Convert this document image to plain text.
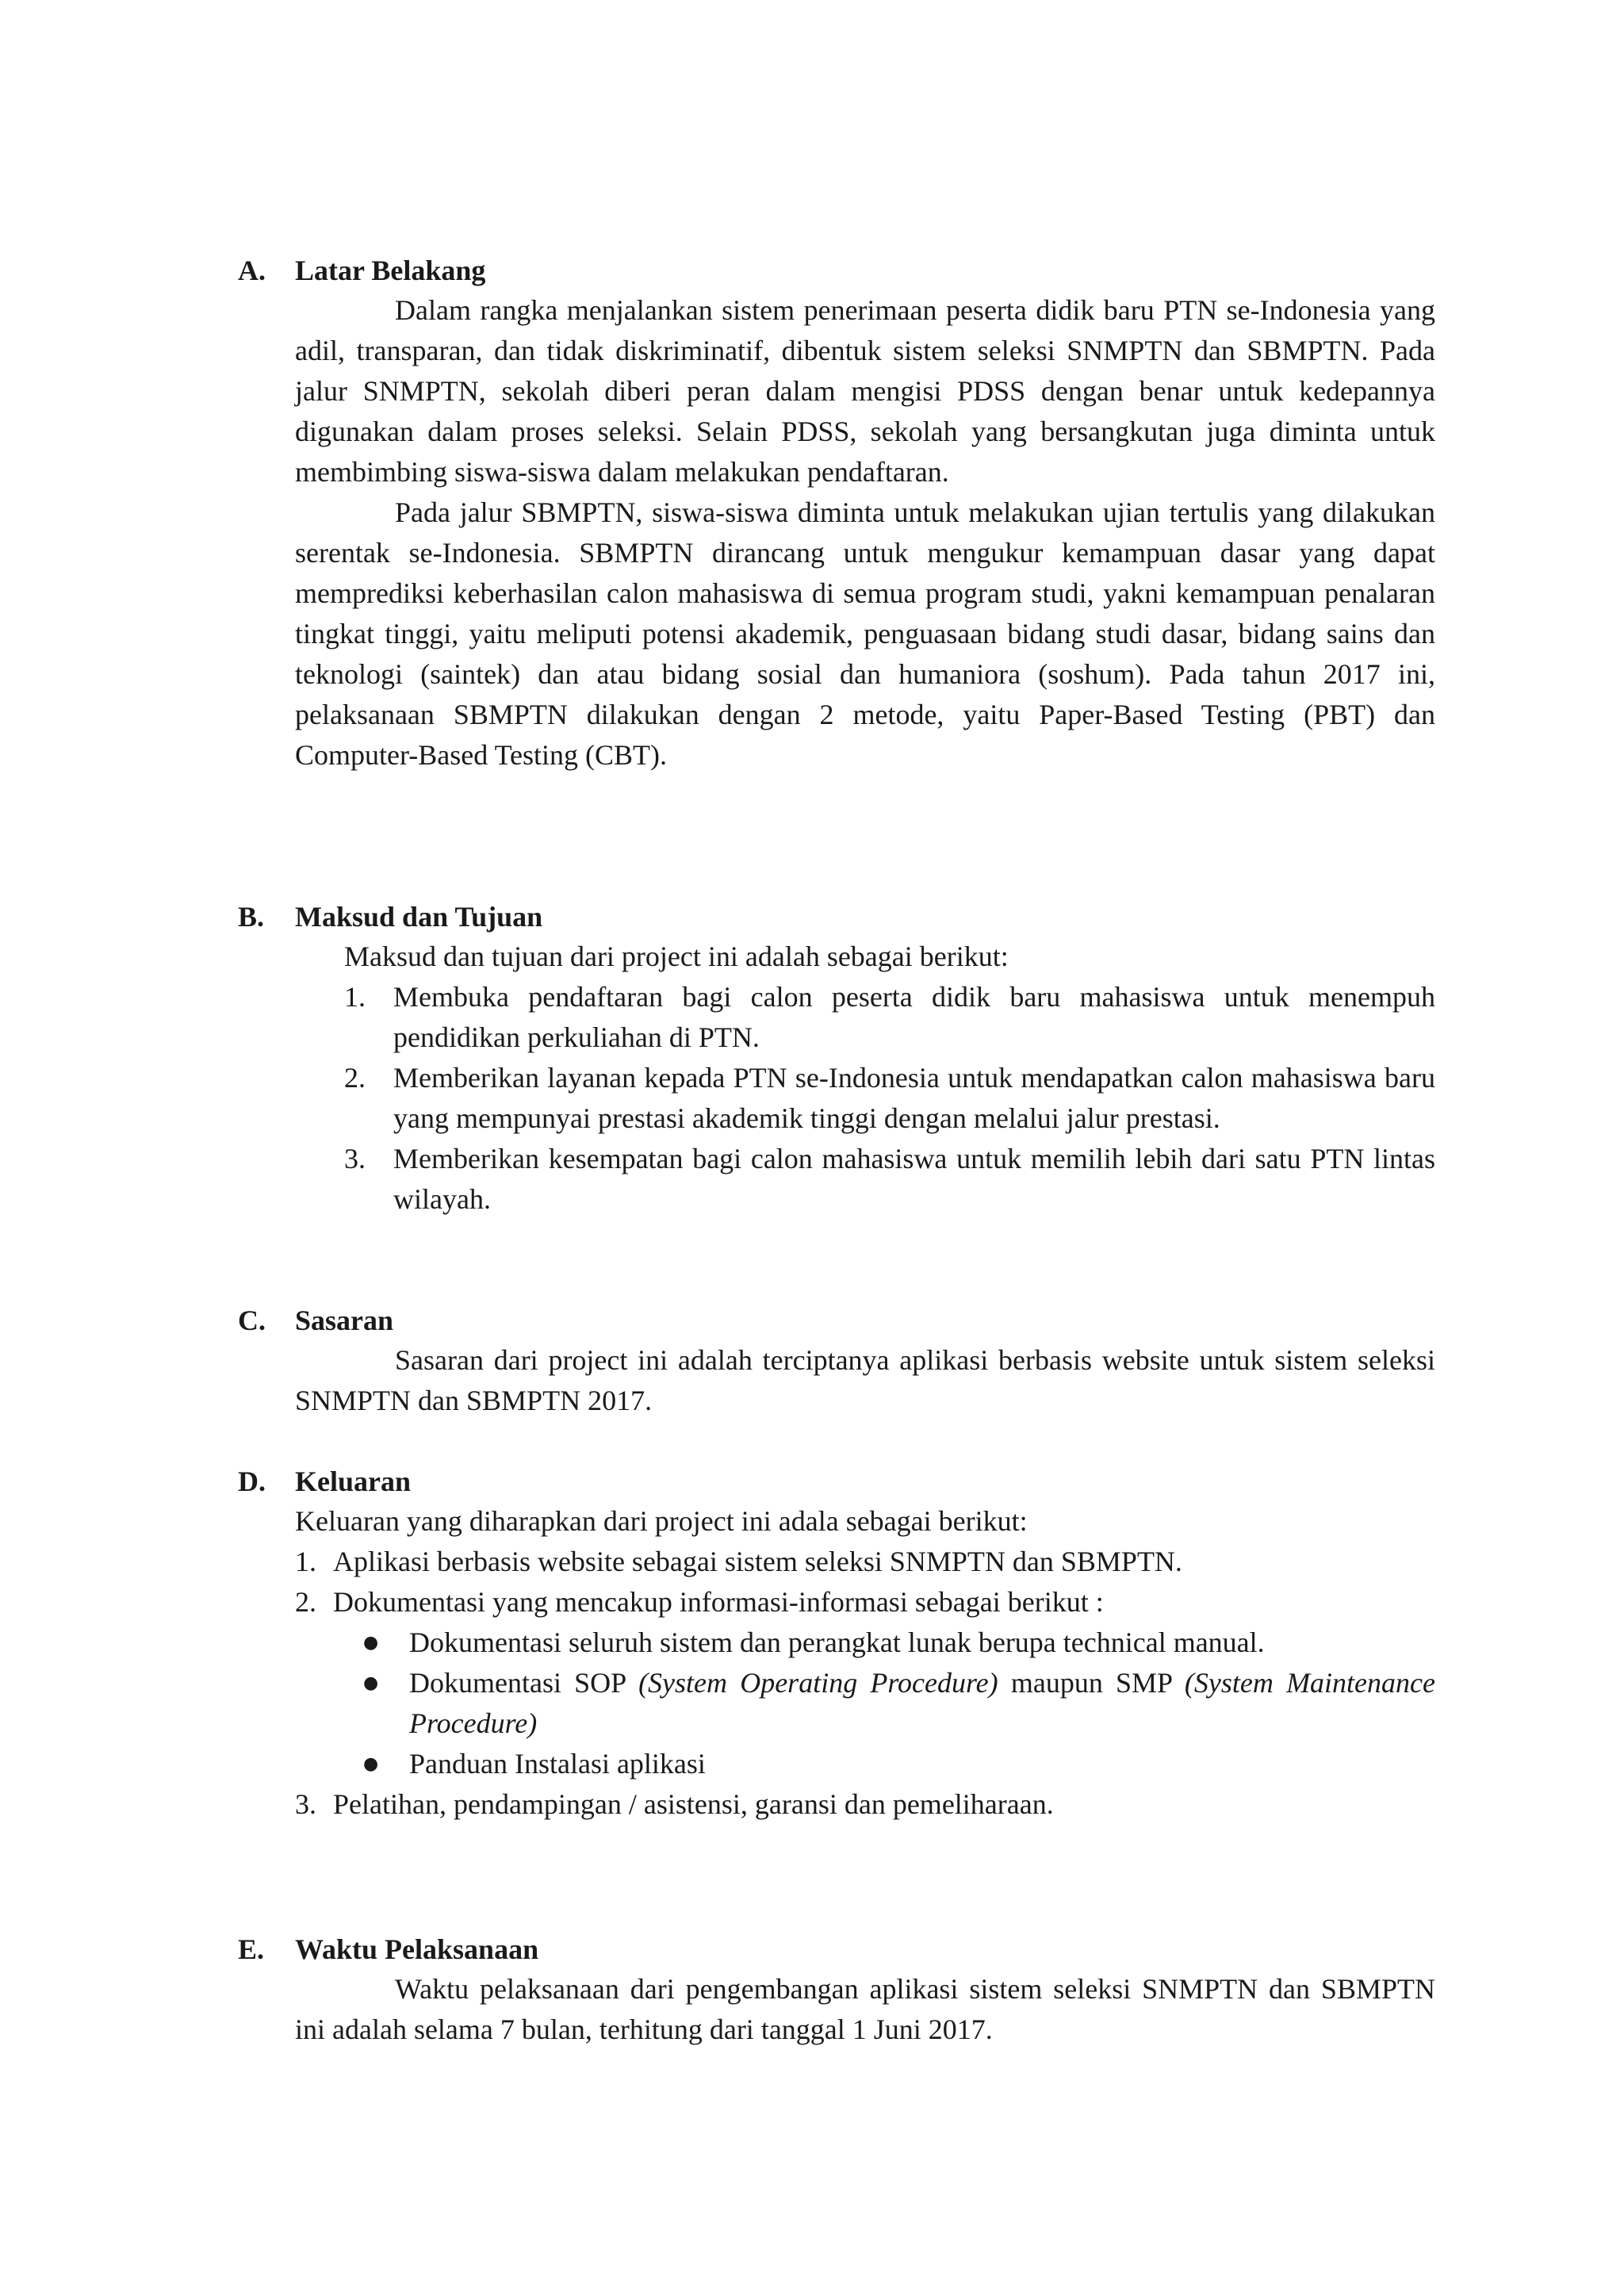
A. Latar Belakang

Dalam rangka menjalankan sistem penerimaan peserta didik baru PTN se-Indonesia yang adil, transparan, dan tidak diskriminatif, dibentuk sistem seleksi SNMPTN dan SBMPTN. Pada jalur SNMPTN, sekolah diberi peran dalam mengisi PDSS dengan benar untuk kedepannya digunakan dalam proses seleksi. Selain PDSS, sekolah yang bersangkutan juga diminta untuk membimbing siswa-siswa dalam melakukan pendaftaran.

Pada jalur SBMPTN, siswa-siswa diminta untuk melakukan ujian tertulis yang dilakukan serentak se-Indonesia. SBMPTN dirancang untuk mengukur kemampuan dasar yang dapat memprediksi keberhasilan calon mahasiswa di semua program studi, yakni kemampuan penalaran tingkat tinggi, yaitu meliputi potensi akademik, penguasaan bidang studi dasar, bidang sains dan teknologi (saintek) dan atau bidang sosial dan humaniora (soshum). Pada tahun 2017 ini, pelaksanaan SBMPTN dilakukan dengan 2 metode, yaitu Paper-Based Testing (PBT) dan Computer-Based Testing (CBT).

B. Maksud dan Tujuan

Maksud dan tujuan dari project ini adalah sebagai berikut:

1. Membuka pendaftaran bagi calon peserta didik baru mahasiswa untuk menempuh pendidikan perkuliahan di PTN.
2. Memberikan layanan kepada PTN se-Indonesia untuk mendapatkan calon mahasiswa baru yang mempunyai prestasi akademik tinggi dengan melalui jalur prestasi.
3. Memberikan kesempatan bagi calon mahasiswa untuk memilih lebih dari satu PTN lintas wilayah.
C. Sasaran

Sasaran dari project ini adalah terciptanya aplikasi berbasis website untuk sistem seleksi SNMPTN dan SBMPTN 2017.

D. Keluaran

Keluaran yang diharapkan dari project ini adala sebagai berikut:

1. Aplikasi berbasis website sebagai sistem seleksi SNMPTN dan SBMPTN.
2. Dokumentasi yang mencakup informasi-informasi sebagai berikut :
● Dokumentasi seluruh sistem dan perangkat lunak berupa technical manual.
● Dokumentasi SOP (System Operating Procedure) maupun SMP (System Maintenance Procedure)
● Panduan Instalasi aplikasi
3. Pelatihan, pendampingan / asistensi, garansi dan pemeliharaan.
E. Waktu Pelaksanaan

Waktu pelaksanaan dari pengembangan aplikasi sistem seleksi SNMPTN dan SBMPTN ini adalah selama 7 bulan, terhitung dari tanggal 1 Juni 2017.
